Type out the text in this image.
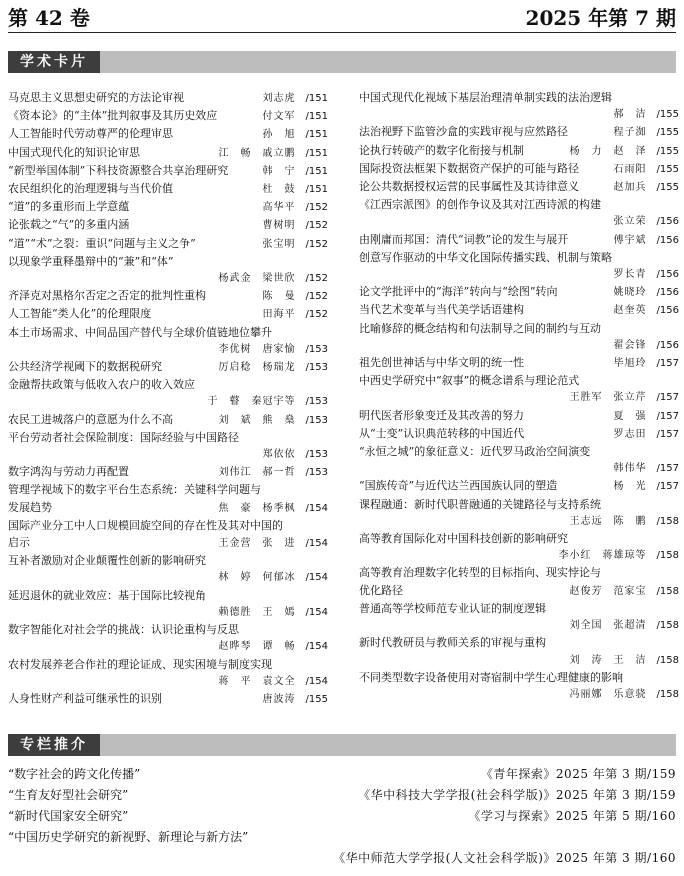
第 42 卷	2025 年第 7 期
学术卡片
马克思主义思想史研究的方法论审视	刘志虎 /151
《资本论》的“主体”批判叙事及其历史效应	付文军 /151
人工智能时代劳动尊严的伦理审思	孙　旭 /151
中国式现代化的知识论审思	江　畅　戚立鹏 /151
“新型举国体制”下科技资源整合共享治理研究	韩　宁 /151
农民组织化的治理逻辑与当代价值	杜　鼓 /151
“道”的多重形而上学意蕴	高华平 /152
论张载之“气”的多重内涵	曹树明 /152
“道”“术”之裂：重识“问题与主义之争”	张宝明 /152
以现象学重释墨辩中的“兼”和“体”
杨武金　梁世欣 /152
齐泽克对黑格尔否定之否定的批判性重构	陈　曼 /152
人工智能“类人化”的伦理限度	田海平 /152
本土市场需求、中间品国产替代与全球价值链地位攀升
李优树　唐家愉 /153
公共经济学视阈下的数据税研究	厉启稔　杨瑞龙 /153
金融帮扶政策与低收入农户的收入效应
于　瞽　秦冠宇等 /153
农民工进城落户的意愿为什么不高	刘　斌　熊　燊 /153
平台劳动者社会保险制度：国际经验与中国路径
郑依依 /153
数字鸿沟与劳动力再配置	刘伟江　郝一哲 /153
管理学视域下的数字平台生态系统：关键科学问题与
发展趋势	焦　豪　杨季枫 /154
国际产业分工中人口规模回旋空间的存在性及其对中国的
启示	王金营　张　进 /154
互补者激励对企业颠覆性创新的影响研究
林　婷　何郁冰 /154
延迟退休的就业效应：基于国际比较视角
赖德胜　王　嫣 /154
数字智能化对社会学的挑战：认识论重构与反思
赵晔琴　谭　畅 /154
农村发展养老合作社的理论证成、现实困境与制度实现
蒋　平　袁文全 /154
人身性财产利益可继承性的识别	唐波涛 /155
中国式现代化视域下基层治理清单制实践的法治逻辑
郝　洁 /155
法治视野下监管沙盒的实践审视与应然路径	程子洳 /155
论执行转破产的数字化衔接与机制	杨　力　赵　泽 /155
国际投资法框架下数据资产保护的可能与路径	石雨阳 /155
论公共数据授权运营的民事属性及其诗律意义	赵加兵 /155
《江西宗派图》的创作争议及其对江西诗派的构建
张立荣 /156
由刚庸而邦国：清代“词教”论的发生与展开	傅宇斌 /156
创意写作驱动的中华文化国际传播实践、机制与策略
罗长青 /156
论文学批评中的“海洋”转向与“绘图”转向	姚晓玲 /156
当代艺术变革与当代美学话语建构	赵奎英 /156
比喻修辞的概念结构和句法制导之间的制约与互动
翟会锋 /156
祖先创世神话与中华文明的统一性	毕旭玲 /157
中西史学研究中“叙事”的概念谱系与理论范式
王胜军　张立芹 /157
明代医者形象变迁及其改善的努力	夏　强 /157
从“士变”认识典范转移的中国近代	罗志田 /157
“永恒之城”的象征意义：近代罗马政治空间演变
韩伟华 /157
“国族传奇”与近代达兰西国族认同的塑造	杨　光 /157
课程融通：新时代职普融通的关键路径与支持系统
王志远　陈　鹏 /158
高等教育国际化对中国科技创新的影响研究
李小红　蒋雄琼等 /158
高等教育治理数字化转型的目标指向、现实悖论与
优化路径	赵俊芳　范家宝 /158
普通高等学校师范专业认证的制度逻辑
刘全国　张超清 /158
新时代教研员与教师关系的审视与重构
刘　涛　王　洁 /158
不同类型数字设备使用对寄宿制中学生心理健康的影响
冯丽娜　乐意骁 /158
专栏推介
“数字社会的跨文化传播”	《青年探索》2025 年第 3 期/159
“生育友好型社会研究”	《华中科技大学学报(社会科学版)》2025 年第 3 期/159
“新时代国家安全研究”	《学习与探索》2025 年第 5 期/160
“中国历史学研究的新视野、新理论与新方法”
《华中师范大学学报(人文社会科学版)》2025 年第 3 期/160
